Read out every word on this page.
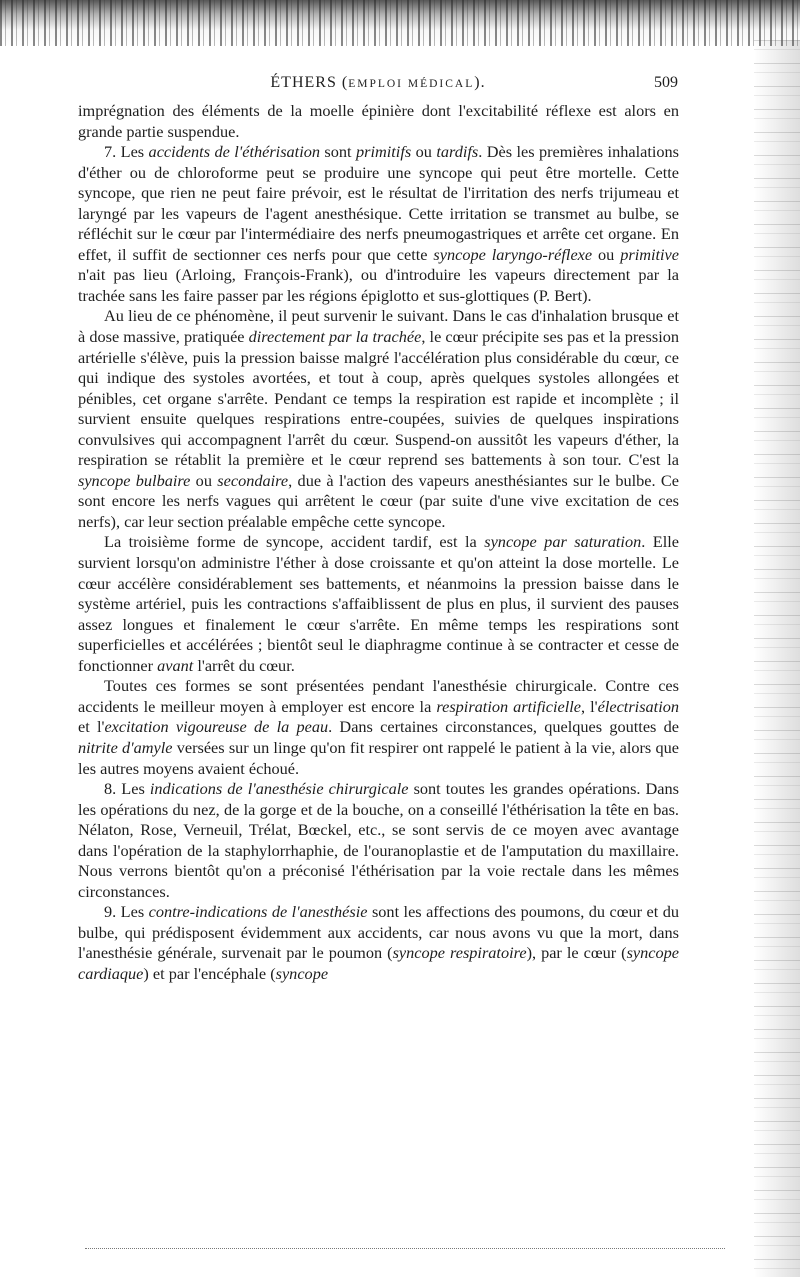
ÉTHERS (EMPLOI MÉDICAL).	509

imprégnation des éléments de la moelle épinière dont l'excitabilité réflexe est alors en grande partie suspendue.

7. Les accidents de l'éthérisation sont primitifs ou tardifs. Dès les premières inhalations d'éther ou de chloroforme peut se produire une syncope qui peut être mortelle. Cette syncope, que rien ne peut faire prévoir, est le résultat de l'irritation des nerfs trijumeau et laryngé par les vapeurs de l'agent anesthésique. Cette irritation se transmet au bulbe, se réfléchit sur le cœur par l'intermédiaire des nerfs pneumogastriques et arrête cet organe. En effet, il suffit de sectionner ces nerfs pour que cette syncope laryngo-réflexe ou primitive n'ait pas lieu (Arloing, François-Frank), ou d'introduire les vapeurs directement par la trachée sans les faire passer par les régions épiglotto et sus-glottiques (P. Bert).

Au lieu de ce phénomène, il peut survenir le suivant. Dans le cas d'inhalation brusque et à dose massive, pratiquée directement par la trachée, le cœur précipite ses pas et la pression artérielle s'élève, puis la pression baisse malgré l'accélération plus considérable du cœur, ce qui indique des systoles avortées, et tout à coup, après quelques systoles allongées et pénibles, cet organe s'arrête. Pendant ce temps la respiration est rapide et incomplète ; il survient ensuite quelques respirations entre-coupées, suivies de quelques inspirations convulsives qui accompagnent l'arrêt du cœur. Suspend-on aussitôt les vapeurs d'éther, la respiration se rétablit la première et le cœur reprend ses battements à son tour. C'est la syncope bulbaire ou secondaire, due à l'action des vapeurs anesthésiantes sur le bulbe. Ce sont encore les nerfs vagues qui arrêtent le cœur (par suite d'une vive excitation de ces nerfs), car leur section préalable empêche cette syncope.

La troisième forme de syncope, accident tardif, est la syncope par saturation. Elle survient lorsqu'on administre l'éther à dose croissante et qu'on atteint la dose mortelle. Le cœur accélère considérablement ses battements, et néanmoins la pression baisse dans le système artériel, puis les contractions s'affaiblissent de plus en plus, il survient des pauses assez longues et finalement le cœur s'arrête. En même temps les respirations sont superficielles et accélérées ; bientôt seul le diaphragme continue à se contracter et cesse de fonctionner avant l'arrêt du cœur.

Toutes ces formes se sont présentées pendant l'anesthésie chirurgicale. Contre ces accidents le meilleur moyen à employer est encore la respiration artificielle, l'électrisation et l'excitation vigoureuse de la peau. Dans certaines circonstances, quelques gouttes de nitrite d'amyle versées sur un linge qu'on fit respirer ont rappelé le patient à la vie, alors que les autres moyens avaient échoué.

8. Les indications de l'anesthésie chirurgicale sont toutes les grandes opérations. Dans les opérations du nez, de la gorge et de la bouche, on a conseillé l'éthérisation la tête en bas. Nélaton, Rose, Verneuil, Trélat, Bœckel, etc., se sont servis de ce moyen avec avantage dans l'opération de la staphylorrhaphie, de l'ouranoplastie et de l'amputation du maxillaire. Nous verrons bientôt qu'on a préconisé l'éthérisation par la voie rectale dans les mêmes circonstances.

9. Les contre-indications de l'anesthésie sont les affections des poumons, du cœur et du bulbe, qui prédisposent évidemment aux accidents, car nous avons vu que la mort, dans l'anesthésie générale, survenait par le poumon (syncope respiratoire), par le cœur (syncope cardiaque) et par l'encéphale (syncope
